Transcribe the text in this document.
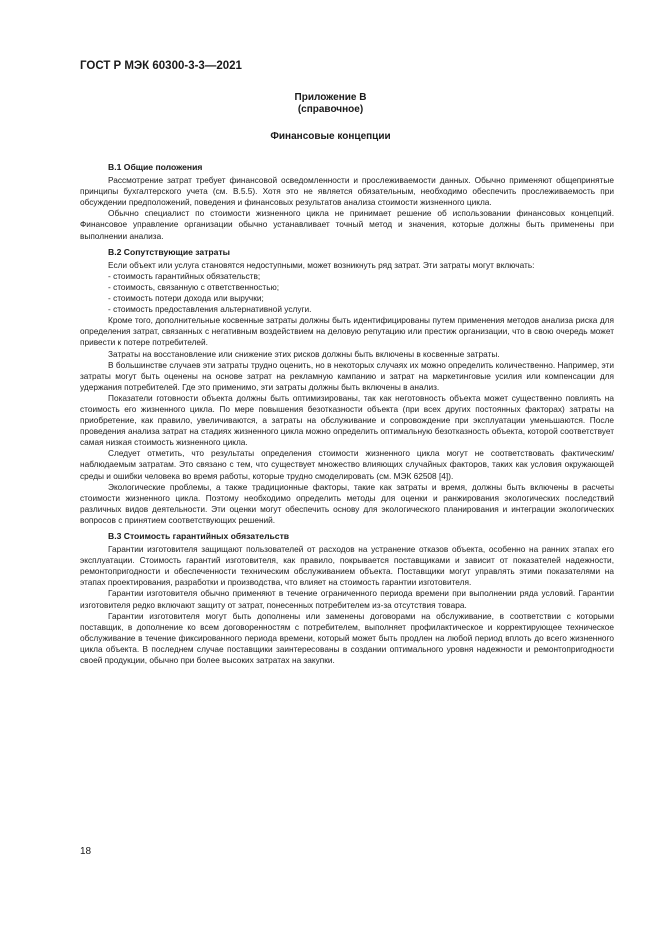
ГОСТ Р МЭК 60300-3-3—2021
Приложение В
(справочное)
Финансовые концепции
В.1 Общие положения

Рассмотрение затрат требует финансовой осведомленности и прослеживаемости данных. Обычно применяют общепринятые принципы бухгалтерского учета (см. В.5.5). Хотя это не является обязательным, необходимо обеспечить прослеживаемость при обсуждении предположений, поведения и финансовых результатов анализа стоимости жизненного цикла.

Обычно специалист по стоимости жизненного цикла не принимает решение об использовании финансовых концепций. Финансовое управление организации обычно устанавливает точный метод и значения, которые должны быть применены при выполнении анализа.

В.2 Сопутствующие затраты

Если объект или услуга становятся недоступными, может возникнуть ряд затрат. Эти затраты могут включать:

- стоимость гарантийных обязательств;

- стоимость, связанную с ответственностью;

- стоимость потери дохода или выручки;

- стоимость предоставления альтернативной услуги.

Кроме того, дополнительные косвенные затраты должны быть идентифицированы путем применения методов анализа риска для определения затрат, связанных с негативным воздействием на деловую репутацию или престиж организации, что в свою очередь может привести к потере потребителей.

Затраты на восстановление или снижение этих рисков должны быть включены в косвенные затраты.

В большинстве случаев эти затраты трудно оценить, но в некоторых случаях их можно определить количественно. Например, эти затраты могут быть оценены на основе затрат на рекламную кампанию и затрат на маркетинговые усилия или компенсации для удержания потребителей. Где это применимо, эти затраты должны быть включены в анализ.

Показатели готовности объекта должны быть оптимизированы, так как неготовность объекта может существенно повлиять на стоимость его жизненного цикла. По мере повышения безотказности объекта (при всех других постоянных факторах) затраты на приобретение, как правило, увеличиваются, а затраты на обслуживание и сопровождение при эксплуатации уменьшаются. После проведения анализа затрат на стадиях жизненного цикла можно определить оптимальную безотказность объекта, которой соответствует самая низкая стоимость жизненного цикла.

Следует отметить, что результаты определения стоимости жизненного цикла могут не соответствовать фактическим/наблюдаемым затратам. Это связано с тем, что существует множество влияющих случайных факторов, таких как условия окружающей среды и ошибки человека во время работы, которые трудно смоделировать (см. МЭК 62508 [4]).

Экологические проблемы, а также традиционные факторы, такие как затраты и время, должны быть включены в расчеты стоимости жизненного цикла. Поэтому необходимо определить методы для оценки и ранжирования экологических последствий различных видов деятельности. Эти оценки могут обеспечить основу для экологического планирования и интеграции экологических вопросов с принятием соответствующих решений.

В.3 Стоимость гарантийных обязательств

Гарантии изготовителя защищают пользователей от расходов на устранение отказов объекта, особенно на ранних этапах его эксплуатации. Стоимость гарантий изготовителя, как правило, покрывается поставщиками и зависит от показателей надежности, ремонтопригодности и обеспеченности техническим обслуживанием объекта. Поставщики могут управлять этими показателями на этапах проектирования, разработки и производства, что влияет на стоимость гарантии изготовителя.

Гарантии изготовителя обычно применяют в течение ограниченного периода времени при выполнении ряда условий. Гарантии изготовителя редко включают защиту от затрат, понесенных потребителем из-за отсутствия товара.

Гарантии изготовителя могут быть дополнены или заменены договорами на обслуживание, в соответствии с которыми поставщик, в дополнение ко всем договоренностям с потребителем, выполняет профилактическое и корректирующее техническое обслуживание в течение фиксированного периода времени, который может быть продлен на любой период вплоть до всего жизненного цикла объекта. В последнем случае поставщики заинтересованы в создании оптимального уровня надежности и ремонтопригодности своей продукции, обычно при более высоких затратах на закупки.

18
